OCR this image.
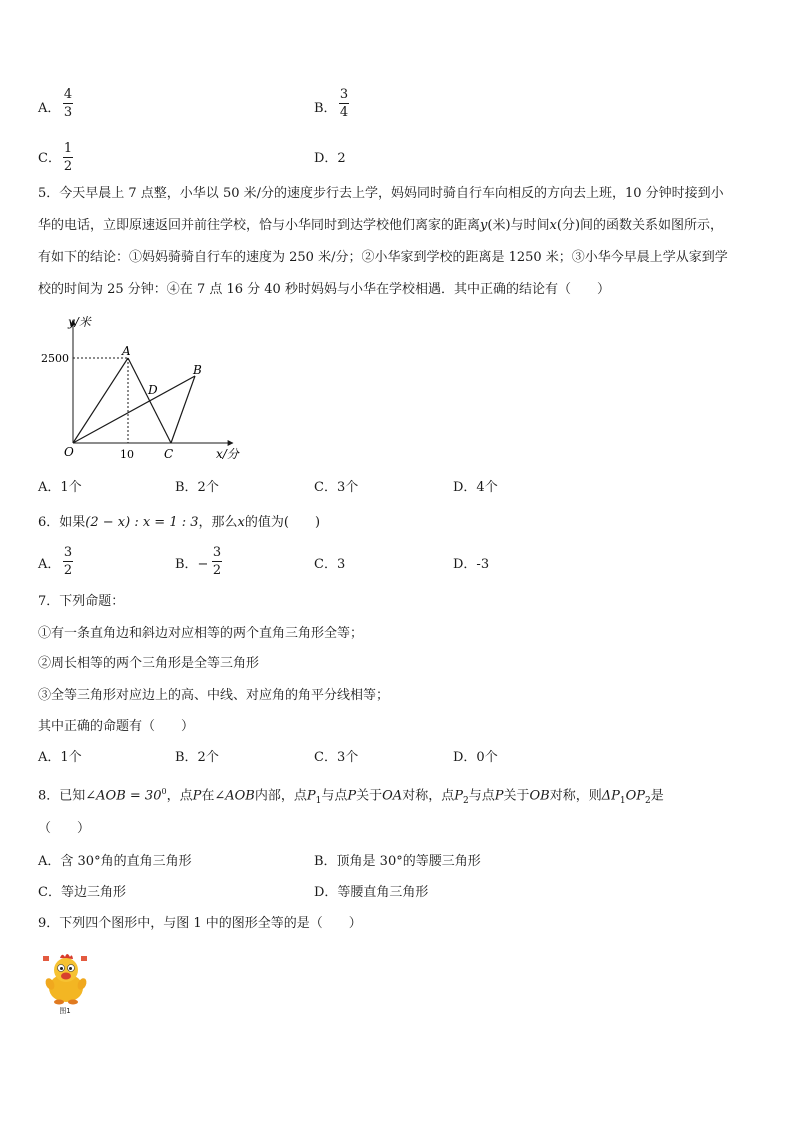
A．
4
3	B．
3
4
C．
1
2
D．2
5．今天早晨上 7 点整，小华以 50 米/分的速度步行去上学，妈妈同时骑自行车向相反的方向去上班，10 分钟时接到小
华的电话，立即原速返回并前往学校，恰与小华同时到达学校他们离家的距离y(米)与时间x(分)间的函数关系如图所示，
有如下的结论：①妈妈骑骑自行车的速度为 250 米/分；②小华家到学校的距离是 1250 米；③小华今早晨上学从家到学
校的时间为 25 分钟：④在 7 点 16 分 40 秒时妈妈与小华在学校相遇．其中正确的结论有（　　）
y/米
x/分
2500
10
O
A
B
C
D
A．1个	B．2个	C．3个	D．4个
6．如果(2 − x) : x = 1 : 3，那么x的值为(　　)
A．
3
2	B．−
3
2	C．3	D．-3
7．下列命题：
①有一条直角边和斜边对应相等的两个直角三角形全等；
②周长相等的两个三角形是全等三角形
③全等三角形对应边上的高、中线、对应角的角平分线相等；
其中正确的命题有（　　）
A．1个	B．2个	C．3个	D．0个
8．已知∠AOB = $30^0$，点P在∠AOB内部，点$P_1$与点P关于OA对称，点$P_2$与点P关于OB对称，则$\Delta P_1OP_2$是
（　　）
A．含 30°角的直角三角形	B．顶角是 30°的等腰三角形
C．等边三角形	D．等腰直角三角形
9．下列四个图形中，与图 1 中的图形全等的是（　　）
图1
